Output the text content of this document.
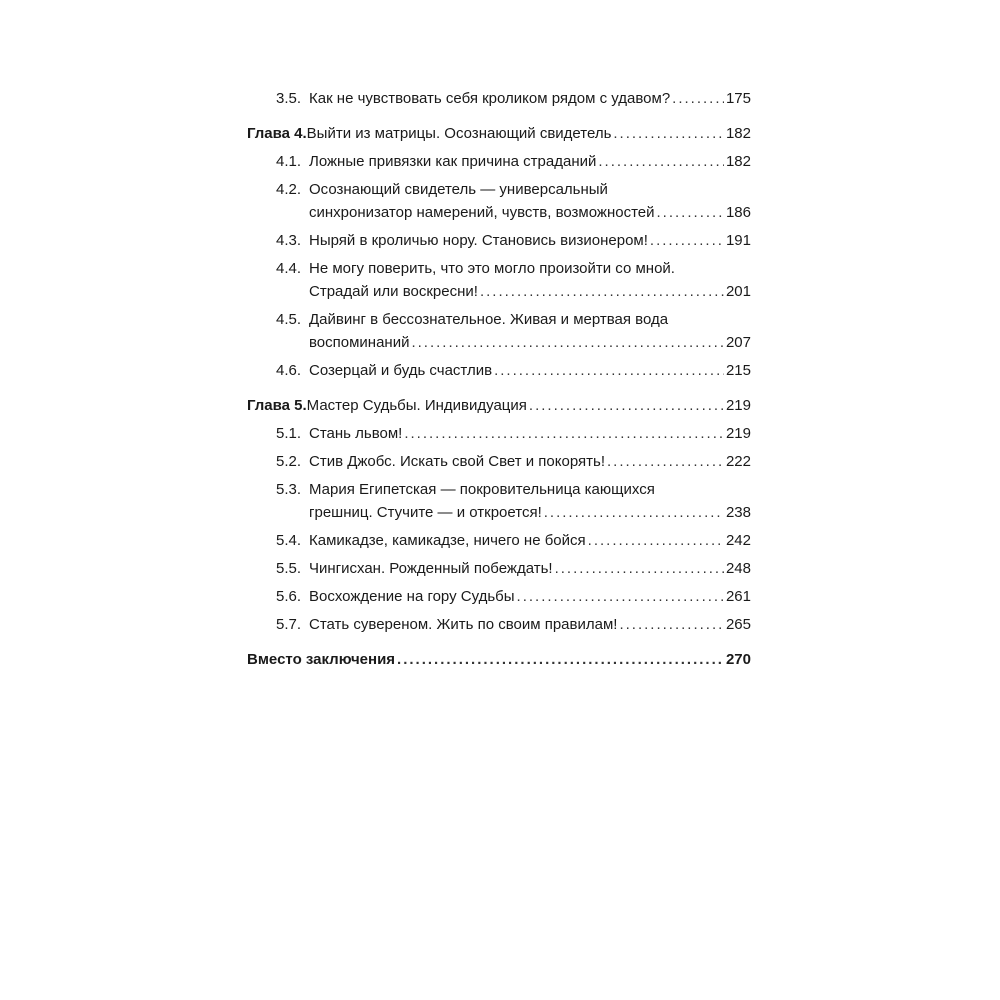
3.5. Как не чувствовать себя кроликом рядом с удавом? .....	175
Глава 4. Выйти из матрицы. Осознающий свидетель .....	182
4.1. Ложные привязки как причина страданий .....	182
4.2. Осознающий свидетель — универсальный
синхронизатор намерений, чувств, возможностей .....	186
4.3. Ныряй в кроличью нору. Становись визионером! .....	191
4.4. Не могу поверить, что это могло произойти со мной.
Страдай или воскресни! .....	201
4.5. Дайвинг в бессознательное. Живая и мертвая вода
воспоминаний .....	207
4.6. Созерцай и будь счастлив .....	215
Глава 5. Мастер Судьбы. Индивидуация .....	219
5.1. Стань львом! .....	219
5.2. Стив Джобс. Искать свой Свет и покорять! .....	222
5.3. Мария Египетская — покровительница кающихся
грешниц. Стучите — и откроется! .....	238
5.4. Камикадзе, камикадзе, ничего не бойся .....	242
5.5. Чингисхан. Рожденный побеждать! .....	248
5.6. Восхождение на гору Судьбы .....	261
5.7. Стать сувереном. Жить по своим правилам! .....	265
Вместо заключения .....	270
